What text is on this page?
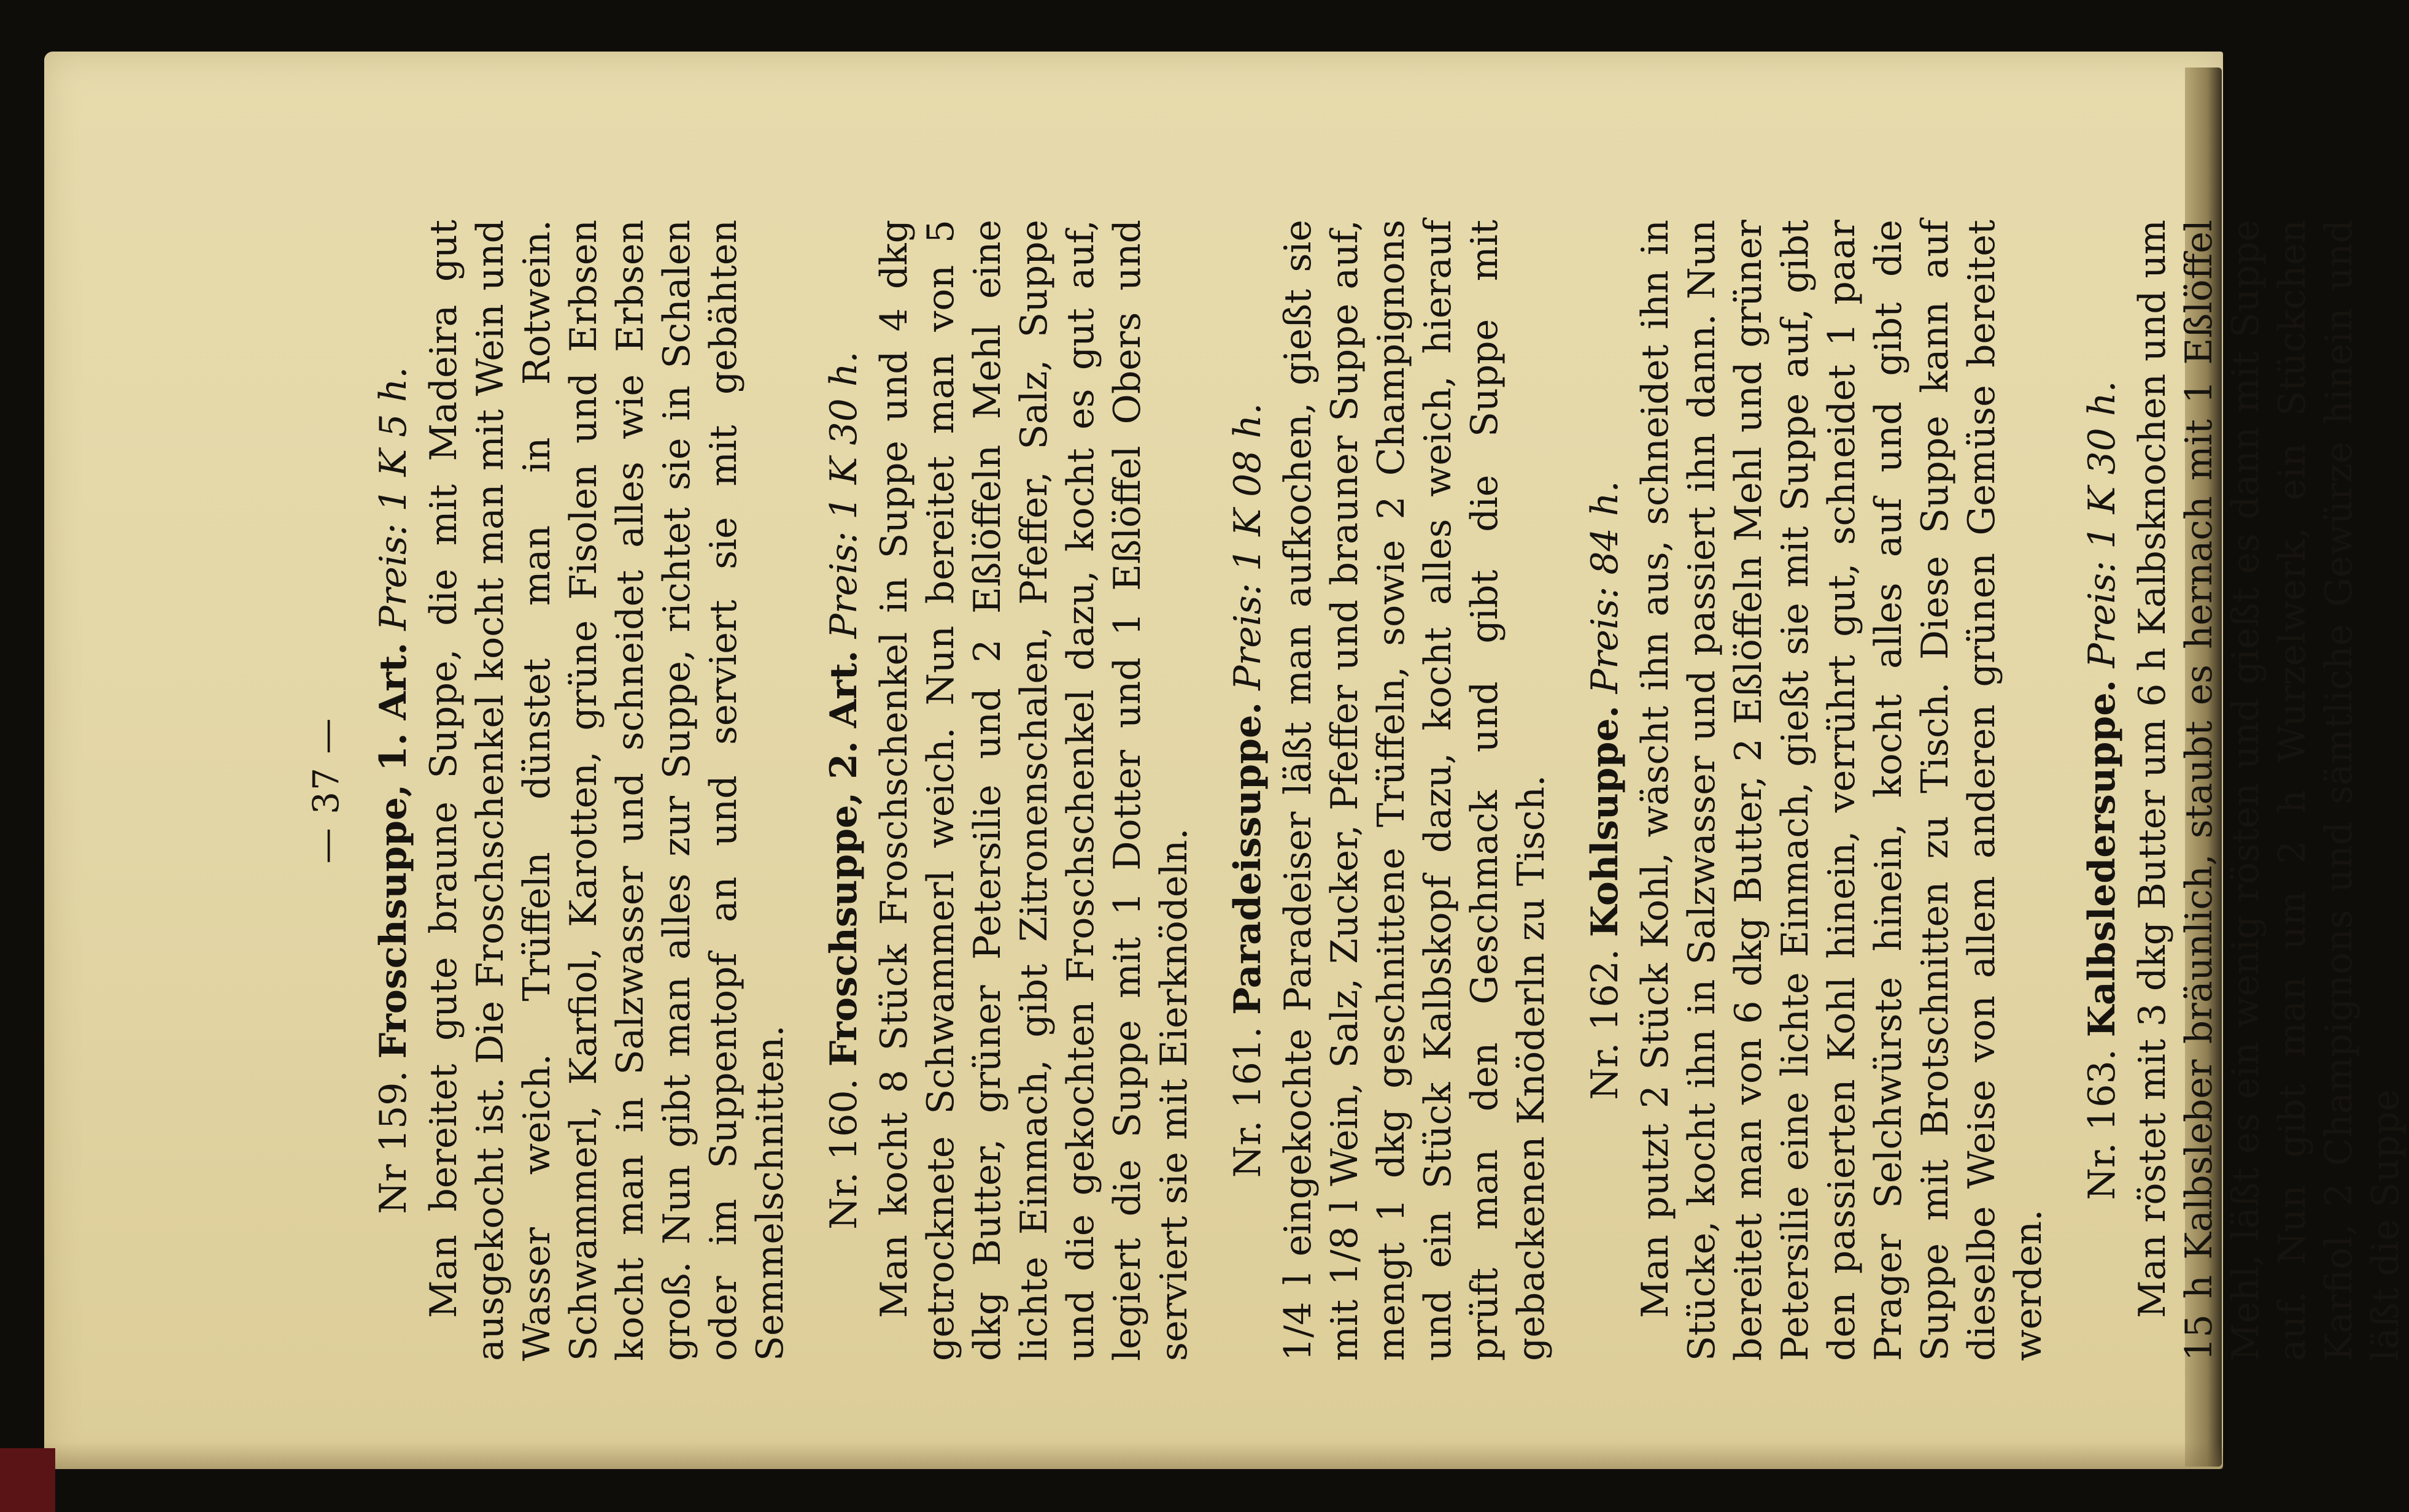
— 37 —
Nr 159. Froschsuppe, 1. Art. Preis: 1 K 5 h. Man bereitet gute braune Suppe, die mit Madeira gut ausgekocht ist. Die Froschschenkel kocht man mit Wein und Wasser weich. Trüffeln dünstet man in Rotwein. Schwammerl, Karfiol, Karotten, grüne Fisolen und Erbsen kocht man in Salzwasser und schneidet alles wie Erbsen groß. Nun gibt man alles zur Suppe, richtet sie in Schalen oder im Suppentopf an und serviert sie mit gebähten Semmelschnitten. Nr. 160. Froschsuppe, 2. Art. Preis: 1 K 30 h. Man kocht 8 Stück Froschschenkel in Suppe und 4 dkg getrocknete Schwammerl weich. Nun bereitet man von 5 dkg Butter, grüner Petersilie und 2 Eßlöffeln Mehl eine lichte Einmach, gibt Zitronenschalen, Pfeffer, Salz, Suppe und die gekochten Froschschenkel dazu, kocht es gut auf, legiert die Suppe mit 1 Dotter und 1 Eßlöffel Obers und serviert sie mit Eierknödeln. Nr. 161. Paradeissuppe. Preis: 1 K 08 h. 1/4 l eingekochte Paradeiser läßt man aufkochen, gießt sie mit 1/8 l Wein, Salz, Zucker, Pfeffer und brauner Suppe auf, mengt 1 dkg geschnittene Trüffeln, sowie 2 Champignons und ein Stück Kalbskopf dazu, kocht alles weich, hierauf prüft man den Geschmack und gibt die Suppe mit gebackenen Knöderln zu Tisch. Nr. 162. Kohlsuppe. Preis: 84 h. Man putzt 2 Stück Kohl, wäscht ihn aus, schneidet ihn in Stücke, kocht ihn in Salzwasser und passiert ihn dann. Nun bereitet man von 6 dkg Butter, 2 Eßlöffeln Mehl und grüner Petersilie eine lichte Einmach, gießt sie mit Suppe auf, gibt den passierten Kohl hinein, verrührt gut, schneidet 1 paar Prager Selchwürste hinein, kocht alles auf und gibt die Suppe mit Brotschnitten zu Tisch. Diese Suppe kann auf dieselbe Weise von allem anderen grünen Gemüse bereitet werden.
Nr. 163. Kalbsledersuppe. Preis: 1 K 30 h. Man röstet mit 3 dkg Butter um 6 h Kalbsknochen und um 15 h Kalbsleber bräunlich, staubt es hernach mit 1 Eßlöffel Mehl, läßt es ein wenig rösten und gießt es dann mit Suppe auf. Nun gibt man um 2 h Wurzelwerk, ein Stückchen Karfiol, 2 Champignons und sämtliche Gewürze hinein und läßt die Suppe
